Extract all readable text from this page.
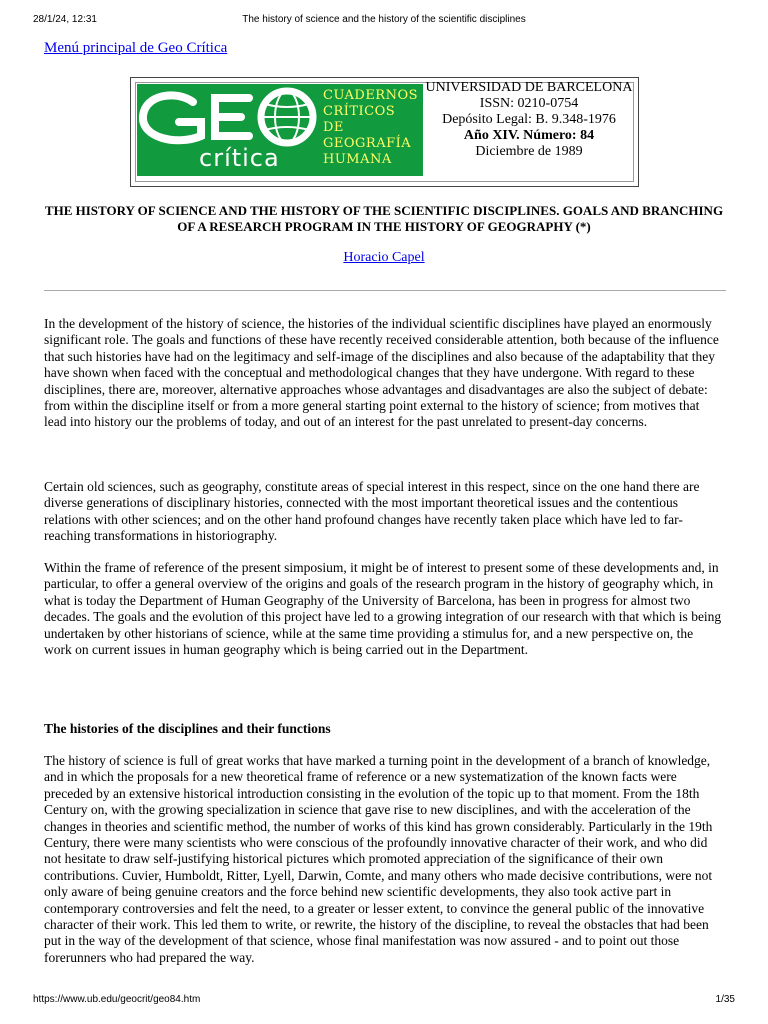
28/1/24, 12:31	The history of science and the history of the scientific disciplines
Menú principal de Geo Crítica
crítica
CUADERNOS
CRÍTICOS
DE
GEOGRAFÍA
HUMANA
UNIVERSIDAD DE BARCELONA
ISSN: 0210-0754
Depósito Legal: B. 9.348-1976
Año XIV. Número: 84
Diciembre de 1989
THE HISTORY OF SCIENCE AND THE HISTORY OF THE SCIENTIFIC DISCIPLINES. GOALS AND BRANCHING OF A RESEARCH PROGRAM IN THE HISTORY OF GEOGRAPHY (*)
Horacio Capel
In the development of the history of science, the histories of the individual scientific disciplines have played an enormously significant role. The goals and functions of these have recently received considerable attention, both because of the influence that such histories have had on the legitimacy and self-image of the disciplines and also because of the adaptability that they have shown when faced with the conceptual and methodological changes that they have undergone. With regard to these disciplines, there are, moreover, alternative approaches whose advantages and disadvantages are also the subject of debate: from within the discipline itself or from a more general starting point external to the history of science; from motives that lead into history our the problems of today, and out of an interest for the past unrelated to present-day concerns.
Certain old sciences, such as geography, constitute areas of special interest in this respect, since on the one hand there are diverse generations of disciplinary histories, connected with the most important theoretical issues and the contentious relations with other sciences; and on the other hand profound changes have recently taken place which have led to far-reaching transformations in historiography.
Within the frame of reference of the present simposium, it might be of interest to present some of these developments and, in particular, to offer a general overview of the origins and goals of the research program in the history of geography which, in what is today the Department of Human Geography of the University of Barcelona, has been in progress for almost two decades. The goals and the evolution of this project have led to a growing integration of our research with that which is being undertaken by other historians of science, while at the same time providing a stimulus for, and a new perspective on, the work on current issues in human geography which is being carried out in the Department.
The histories of the disciplines and their functions
The history of science is full of great works that have marked a turning point in the development of a branch of knowledge, and in which the proposals for a new theoretical frame of reference or a new systematization of the known facts were preceded by an extensive historical introduction consisting in the evolution of the topic up to that moment. From the 18th Century on, with the growing specialization in science that gave rise to new disciplines, and with the acceleration of the changes in theories and scientific method, the number of works of this kind has grown considerably. Particularly in the 19th Century, there were many scientists who were conscious of the profoundly innovative character of their work, and who did not hesitate to draw self-justifying historical pictures which promoted appreciation of the significance of their own contributions. Cuvier, Humboldt, Ritter, Lyell, Darwin, Comte, and many others who made decisive contributions, were not only aware of being genuine creators and the force behind new scientific developments, they also took active part in contemporary controversies and felt the need, to a greater or lesser extent, to convince the general public of the innovative character of their work. This led them to write, or rewrite, the history of the discipline, to reveal the obstacles that had been put in the way of the development of that science, whose final manifestation was now assured - and to point out those forerunners who had prepared the way.
https://www.ub.edu/geocrit/geo84.htm	1/35
